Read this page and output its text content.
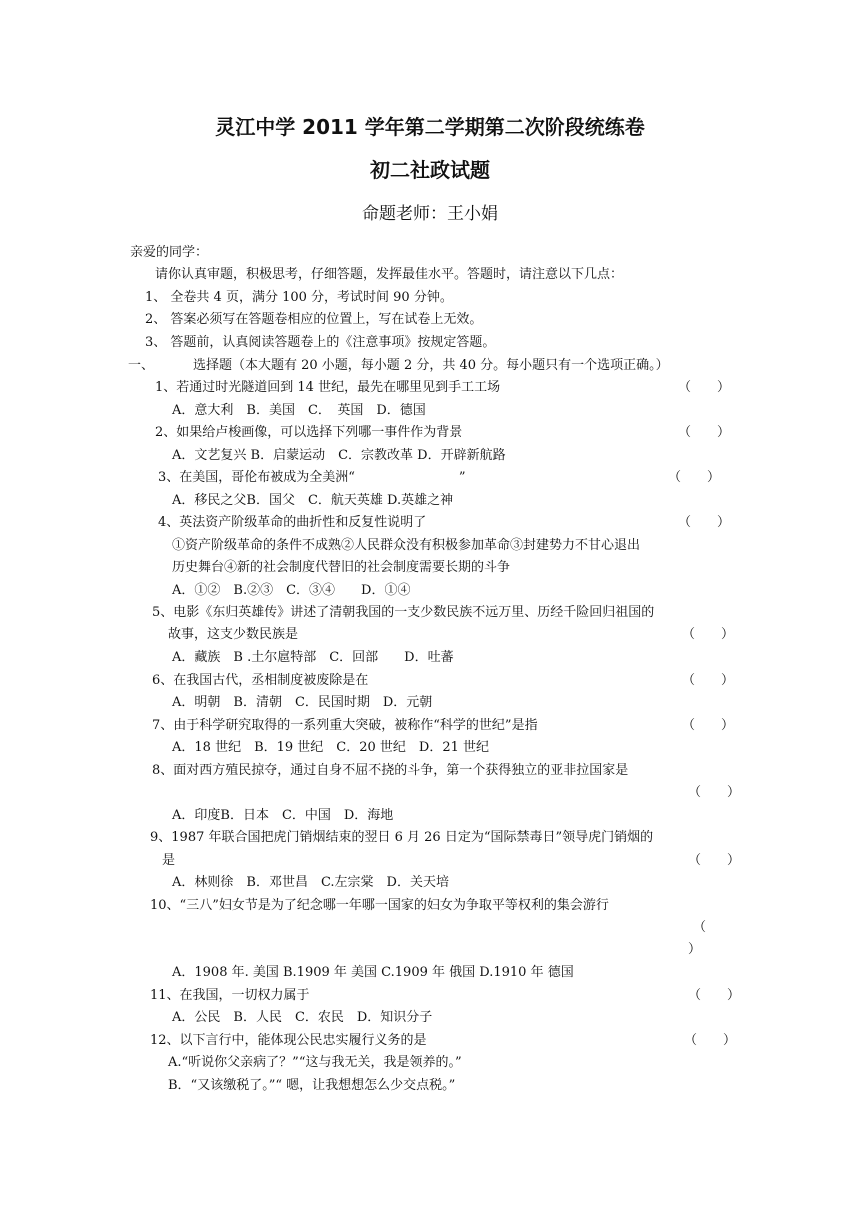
灵江中学 2011 学年第二学期第二次阶段统练卷
初二社政试题
命题老师：王小娟
亲爱的同学：
请你认真审题，积极思考，仔细答题，发挥最佳水平。答题时，请注意以下几点：
1、 全卷共 4 页，满分 100 分，考试时间 90 分钟。
2、 答案必须写在答题卷相应的位置上，写在试卷上无效。
3、 答题前，认真阅读答题卷上的《注意事项》按规定答题。
一、	选择题（本大题有 20 小题，每小题 2 分，共 40 分。每小题只有一个选项正确。）
1、若通过时光隧道回到 14 世纪，最先在哪里见到手工工场	（　　）
A．意大利　B．美国　C．　英国　D．德国
2、如果给卢梭画像，可以选择下列哪一事件作为背景	（　　）
A．文艺复兴 B．启蒙运动　C．宗教改革 D．开辟新航路
3、在美国，哥伦布被成为全美洲“　　　　　　　　”	（　　）
A．移民之父B．国父　C．航天英雄 D.英雄之神
4、英法资产阶级革命的曲折性和反复性说明了	（　　）
①资产阶级革命的条件不成熟②人民群众没有积极参加革命③封建势力不甘心退出
历史舞台④新的社会制度代替旧的社会制度需要长期的斗争
A．①②　B.②③　C．③④　　D．①④
5、电影《东归英雄传》讲述了清朝我国的一支少数民族不远万里、历经千险回归祖国的
故事，这支少数民族是	（　　）
A．藏族　B .土尔扈特部　C．回部　　D．吐蕃
6、在我国古代，丞相制度被废除是在	（　　）
A．明朝　B．清朝　C．民国时期　D．元朝
7、由于科学研究取得的一系列重大突破，被称作“科学的世纪”是指	（　　）
A．18 世纪　B．19 世纪　C．20 世纪　D．21 世纪
8、面对西方殖民掠夺，通过自身不屈不挠的斗争，第一个获得独立的亚非拉国家是
（　　）
A．印度B．日本　C．中国　D．海地
9、1987 年联合国把虎门销烟结束的翌日 6 月 26 日定为“国际禁毒日”领导虎门销烟的
是	（　　）
A．林则徐　B．邓世昌　C.左宗棠　D．关天培
10、“三八”妇女节是为了纪念哪一年哪一国家的妇女为争取平等权利的集会游行
（
）
A．1908 年. 美国 B.1909 年 美国 C.1909 年 俄国 D.1910 年 德国
11、在我国，一切权力属于	（　　）
A．公民　B．人民　C．农民　D．知识分子
12、以下言行中，能体现公民忠实履行义务的是	（　　）
A.“听说你父亲病了？”“这与我无关，我是领养的。”
B．“又该缴税了。”“ 嗯，让我想想怎么少交点税。”
